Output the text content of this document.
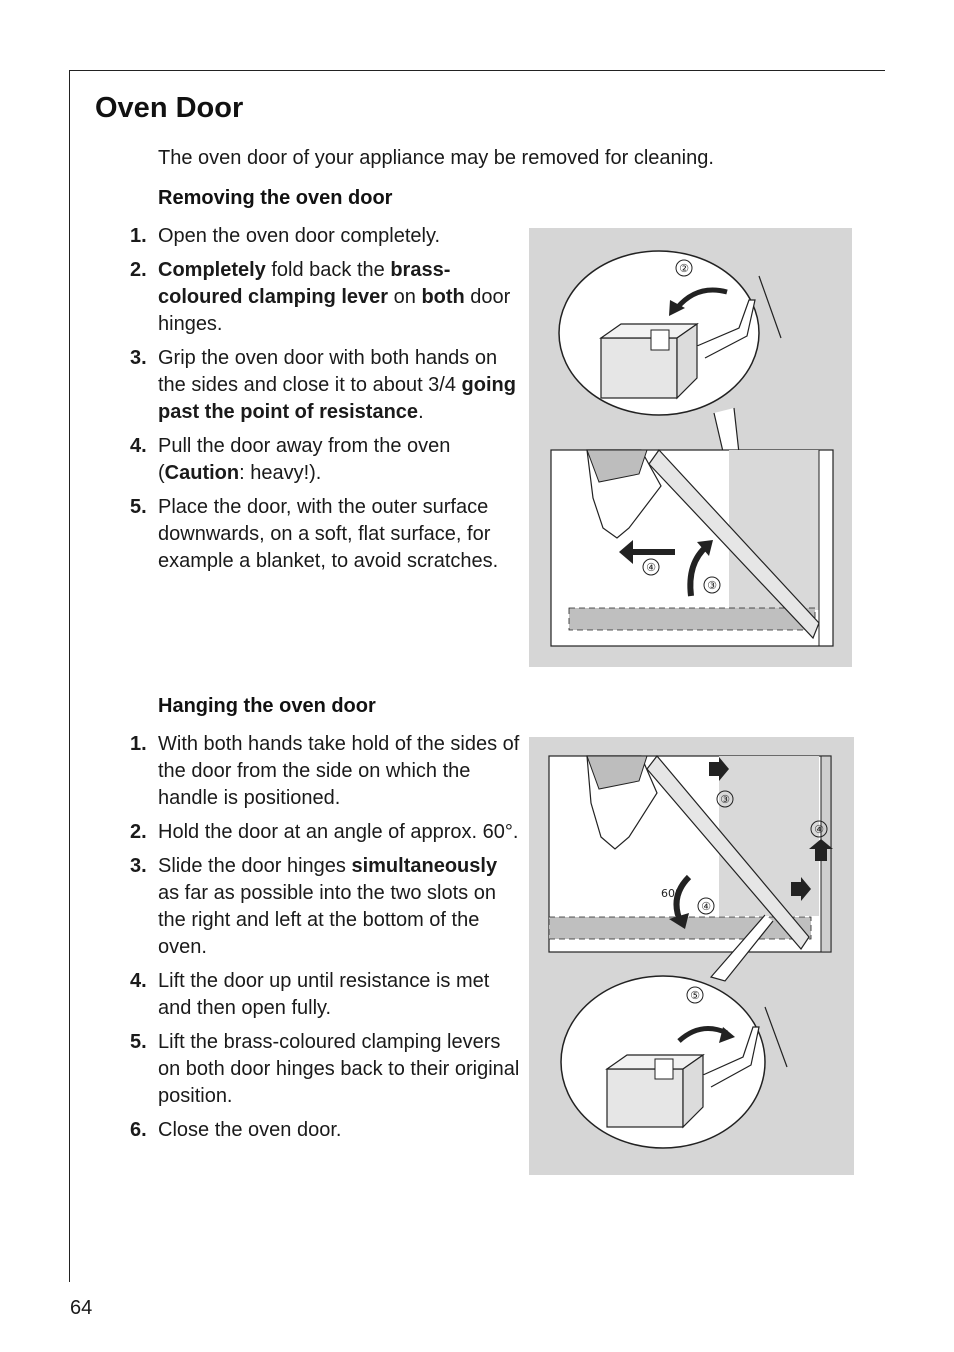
Oven Door
The oven door of your appliance may be removed for cleaning.
Removing the oven door
1. Open the oven door completely.
2. Completely fold back the brass-coloured clamping lever on both door hinges.
3. Grip the oven door with both hands on the sides and close it to about 3/4 going past the point of resistance.
4. Pull the door away from the oven (Caution: heavy!).
5. Place the door, with the outer surface downwards, on a soft, flat surface, for example a blanket, to avoid scratches.
Hanging the oven door
1. With both hands take hold of the sides of the door from the side on which the handle is positioned.
2. Hold the door at an angle of approx. 60°.
3. Slide the door hinges simultaneously as far as possible into the two slots on the right and left at the bottom of the oven.
4. Lift the door up until resistance is met and then open fully.
5. Lift the brass-coloured clamping levers on both door hinges back to their original position.
6. Close the oven door.
②
④
③
60°
③
④
④
⑤
64
